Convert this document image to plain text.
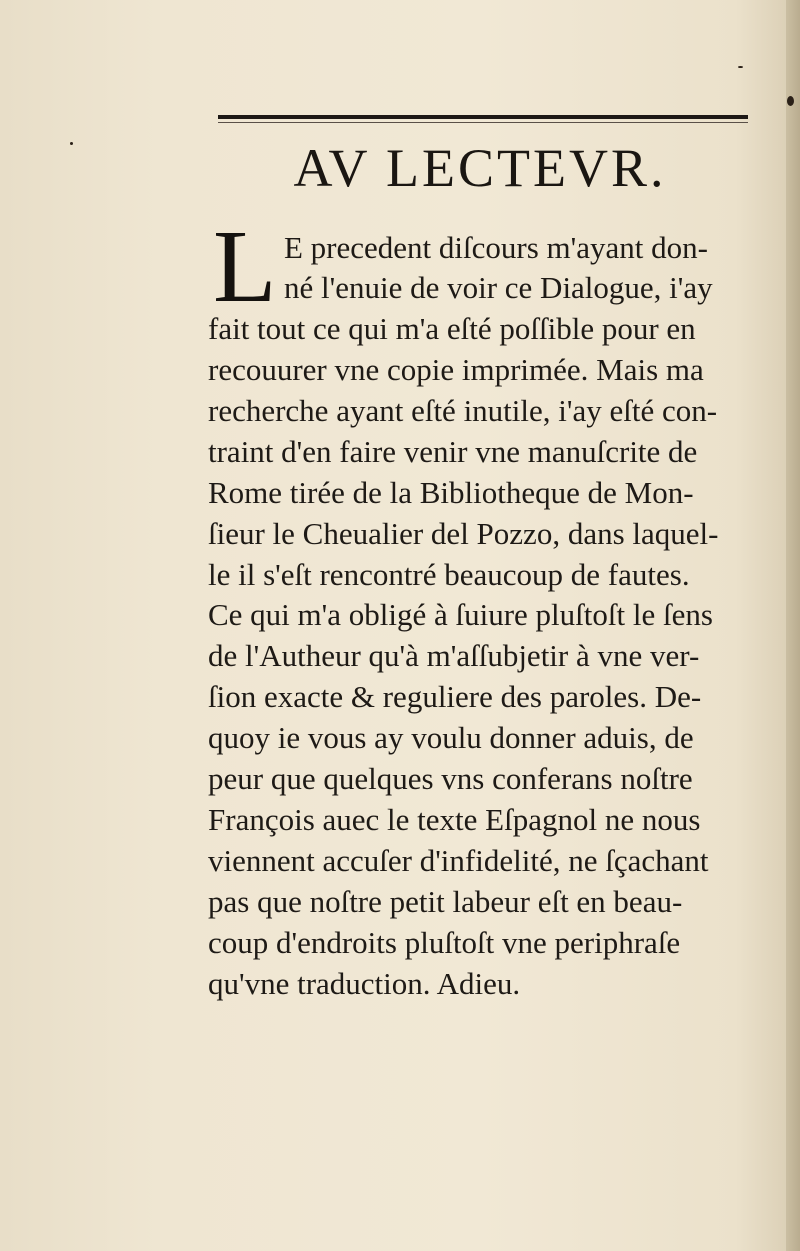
AV LECTEVR.
L E precedent diſcours m'ayant don-
né l'enuie de voir ce Dialogue, i'ay
fait tout ce qui m'a eſté poſſible pour en
recouurer vne copie imprimée. Mais ma
recherche ayant eſté inutile, i'ay eſté con-
traint d'en faire venir vne manuſcrite de
Rome tirée de la Bibliotheque de Mon-
ſieur le Cheualier del Pozzo, dans laquel-
le il s'eſt rencontré beaucoup de fautes.
Ce qui m'a obligé à ſuiure pluſtoſt le ſens
de l'Autheur qu'à m'aſſubjetir à vne ver-
ſion exacte & reguliere des paroles. De-
quoy ie vous ay voulu donner aduis, de
peur que quelques vns conferans noſtre
François auec le texte Eſpagnol ne nous
viennent accuſer d'infidelité, ne ſçachant
pas que noſtre petit labeur eſt en beau-
coup d'endroits pluſtoſt vne periphraſe
qu'vne traduction. Adieu.
